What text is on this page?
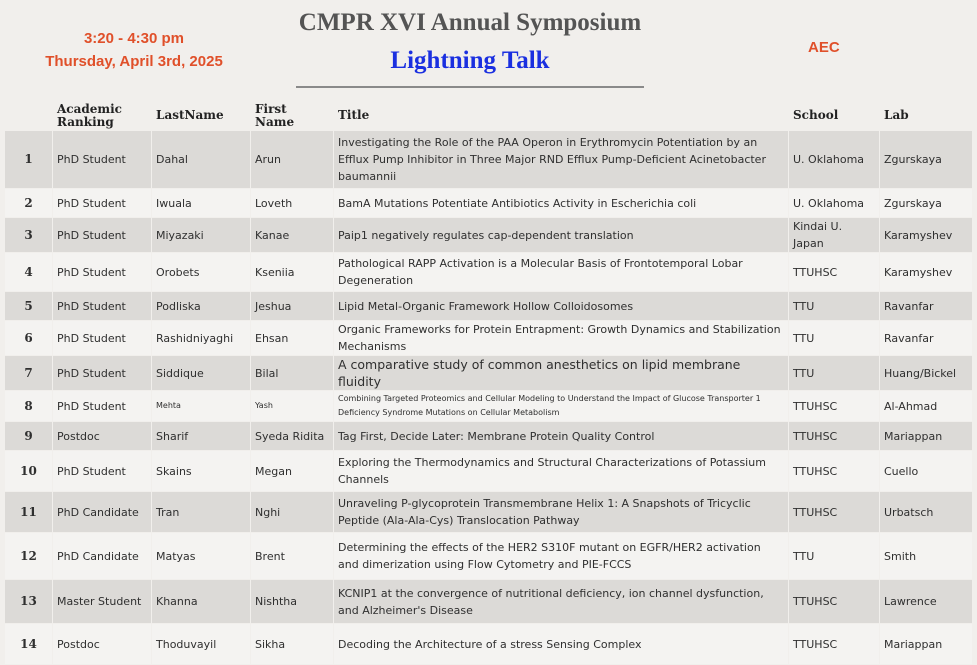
3:20 - 4:30 pm
Thursday, April 3rd, 2025
CMPR XVI Annual Symposium
Lightning Talk	AEC
	Academic Ranking	LastName	First Name	Title	School	Lab
1	PhD Student	Dahal	Arun	Investigating the Role of the PAA Operon in Erythromycin Potentiation by an Efflux Pump Inhibitor in Three Major RND Efflux Pump-Deficient Acinetobacter baumannii	U. Oklahoma	Zgurskaya
2	PhD Student	Iwuala	Loveth	BamA Mutations Potentiate Antibiotics Activity in Escherichia coli	U. Oklahoma	Zgurskaya
3	PhD Student	Miyazaki	Kanae	Paip1 negatively regulates cap-dependent translation	Kindai U. Japan	Karamyshev
4	PhD Student	Orobets	Kseniia	Pathological RAPP Activation is a Molecular Basis of Frontotemporal Lobar Degeneration	TTUHSC	Karamyshev
5	PhD Student	Podliska	Jeshua	Lipid Metal-Organic Framework Hollow Colloidosomes	TTU	Ravanfar
6	PhD Student	Rashidniyaghi	Ehsan	Organic Frameworks for Protein Entrapment: Growth Dynamics and Stabilization Mechanisms	TTU	Ravanfar
7	PhD Student	Siddique	Bilal	A comparative study of common anesthetics on lipid membrane fluidity	TTU	Huang/Bickel
8	PhD Student	Mehta	Yash	Combining Targeted Proteomics and Cellular Modeling to Understand the Impact of Glucose Transporter 1 Deficiency Syndrome Mutations on Cellular Metabolism	TTUHSC	Al-Ahmad
9	Postdoc	Sharif	Syeda Ridita	Tag First, Decide Later: Membrane Protein Quality Control	TTUHSC	Mariappan
10	PhD Student	Skains	Megan	Exploring the Thermodynamics and Structural Characterizations of Potassium Channels	TTUHSC	Cuello
11	PhD Candidate	Tran	Nghi	Unraveling P-glycoprotein Transmembrane Helix 1: A Snapshots of Tricyclic Peptide (Ala-Ala-Cys) Translocation Pathway	TTUHSC	Urbatsch
12	PhD Candidate	Matyas	Brent	Determining the effects of the HER2 S310F mutant on EGFR/HER2 activation and dimerization using Flow Cytometry and PIE-FCCS	TTU	Smith
13	Master Student	Khanna	Nishtha	KCNIP1 at the convergence of nutritional deficiency, ion channel dysfunction, and Alzheimer's Disease	TTUHSC	Lawrence
14	Postdoc	Thoduvayil	Sikha	Decoding the Architecture of a stress Sensing Complex	TTUHSC	Mariappan
